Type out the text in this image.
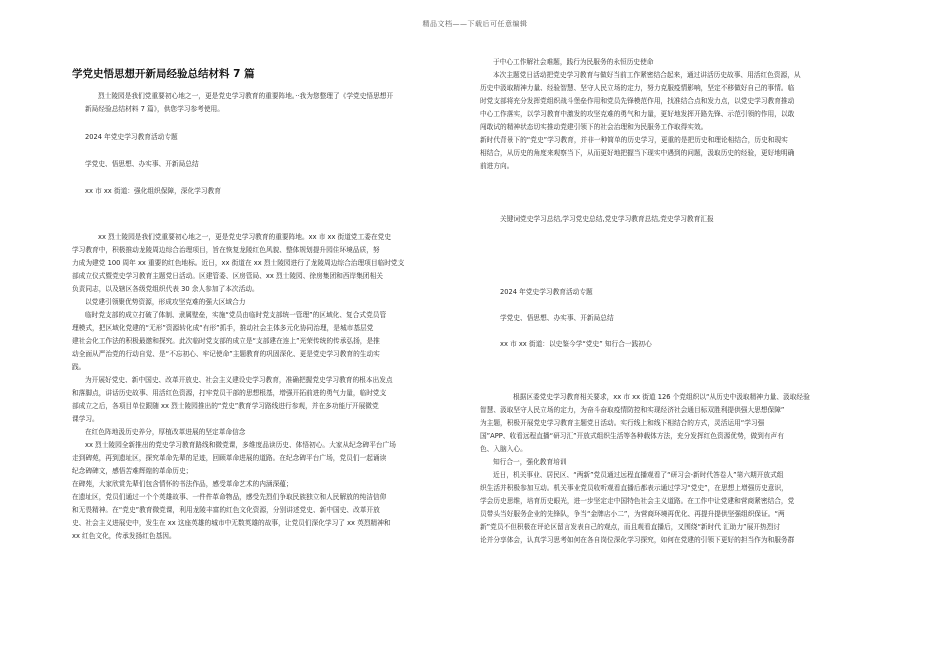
精品文档——下载后可任意编辑

学党史悟思想开新局经验总结材料 7 篇

烈士陵园是我们党重要初心地之一，更是党史学习教育的重要阵地。··我为您整理了《学党史悟思想开

新局经验总结材料 7 篇》，供您学习参考使用。

2024 年党史学习教育活动专题

学党史、悟思想、办实事、开新局总结

xx 市 xx 街道：强化组织保障，深化学习教育

xx 烈士陵园是我们党重要初心地之一，更是党史学习教育的重要阵地。xx 市 xx 街道党工委在党史

学习教育中，积极推动龙陵周边综合治理项目，旨在恢复龙陵红色风貌、整体规划提升园住环境品质，努

力成为建党 100 周年 xx 重要的红色地标。近日，xx 街道在 xx 烈士陵园进行了龙陵周边综合治理项目临时党支

部成立仪式暨党史学习教育主题党日活动。区建管委、区房管局、xx 烈士陵园、徐房集团和西岸集团相关

负责同志，以及辖区各级党组织代表 30 余人参加了本次活动。

以党建引领聚优势资源，形成攻坚克难的强大区域合力

临时党支部的成立打破了体制、隶属壁垒，实施“党员由临时党支部统一管理”的区域化、复合式党员管

理模式，把区域化党建的“无形”资源转化成“有形”抓手，推动社会主体多元化协同治理，是城市基层党

建社会化工作法的积极最邀和探究。此次临时党支部的成立是“支部建在连上”光荣传统的传承弘扬，是推

动全面从严治党的行动自觉、是“不忘初心、牢记使命”主题教育的巩固深化、更是党史学习教育的生动实

践。

为开展好党史、新中国史、改革开放史、社会主义建设史学习教育，准确把握党史学习教育的根本出发点

和落脚点，讲话历史故事、用活红色资源，打牢党员干部的思想根基，增强开拓前进的勇气力量，临时党支

部成立之后，各项目单位跟随 xx 烈士陵园推出的“党史”教育学习路线进行参观，并在多功能厅开展微党

课学习。

在红色阵地汲历史养分，厚植改革进展的坚定革命信念

xx 烈士陵园全新推出的党史学习教育路线和微党课，多维度品读历史、体悟初心。大家从纪念碑平台广场

走到碑苑，再到遗址区，探究革命先辈的足迹，回顾革命进展的道路。在纪念碑平台广场，党员们一起诵读

纪念碑碑文，感悟苦难辉煌的革命历史；

在碑苑，大家欣赏先辈们包含情怀的书法作品，感受革命艺术的内涵深蕴；

在遗址区，党员们通过一个个英雄故事、一件件革命物品，感受先烈们争取民族独立和人民解放的纯洁信仰

和无畏精神。在“党史”教育微党课，利用龙陵丰富的红色文化资源，分别讲述党史、新中国史、改革开放

史、社会主义进展史中，发生在 xx 这座英雄的城市中无数英雄的故事，让党员们深化学习了 xx 英烈精神和

xx 红色文化，传承发扬红色基因。

于中心工作解社会难题，践行为民服务的永恒历史使命

本次主题党日活动把党史学习教育与做好当前工作紧密结合起来，通过讲活历史故事、用活红色资源，从

历史中汲取精神力量、经验智慧、坚守人民立场的定力，努力克服疫情影响，坚定不移做好自己的事情。临

时党支部将充分发挥党组织战斗堡垒作用和党员先锋模范作用，找准结合点和发力点，以党史学习教育推动

中心工作落实，以学习教育中激发的攻坚克难的勇气和力量，更好地发挥开路先锋、示范引领的作用，以敢

闯敢试的精神状态切实推动党建引领下的社会治理和为民服务工作取得实效。

新时代背景下的“党史”学习教育，并非一种简单的历史学习，更重的是把历史和理论相结合，历史和现实

相结合，从历史的角度来观察当下，从而更好地把握当下现实中遇到的问题，汲取历史的经验，更好地明确

前进方向。

关键词党史学习总结,学习党史总结,党史学习教育总结,党史学习教育汇报

2024 年党史学习教育活动专题

学党史、悟思想、办实事、开新局总结

xx 市 xx 街道：以史鉴今学“党史” 知行合一践初心

根据区委党史学习教育相关要求，xx 市 xx 街道 126 个党组织以“从历史中汲取精神力量、汲取经验

智慧、汲取坚守人民立场的定力，为奋斗奋取疫情防控和实现经济社会通目标双胜利提供强大思想保障”

为主题，积极开展党史学习教育主题党日活动。实行线上和线下相结合的方式，灵活运用“学习强

国”APP、收看远程直播“研习汇”开放式组织生活等各种载体方法，充分发挥红色资源优势，做到有声有

色、入脑入心。

知行合一，强化教育培训

近日，机关事业、居民区、“两新”党员通过远程直播观看了“研习会-新时代答卷人”第六期开放式组

织生活并积极参加互动。机关事业党员收听观看直播后都表示通过学习“党史”，在思想上增强历史意识，

学会历史思维，培育历史眼光，进一步坚定走中国特色社会主义道路。在工作中让党建和营商紧密结合，党

员带头当好服务企业的先锋队，争当“金牌店小二”，为营商环境再优化、再提升提供坚强组织保证。“两

新”党员不但积极在评论区留言发表自己的观点，而且观看直播后，又围绕“新时代 汇助力”展开热烈讨

论并分享体会，认真学习思考如何在各自岗位深化学习探究，如何在党建的引领下更好的担当作为和服务群
